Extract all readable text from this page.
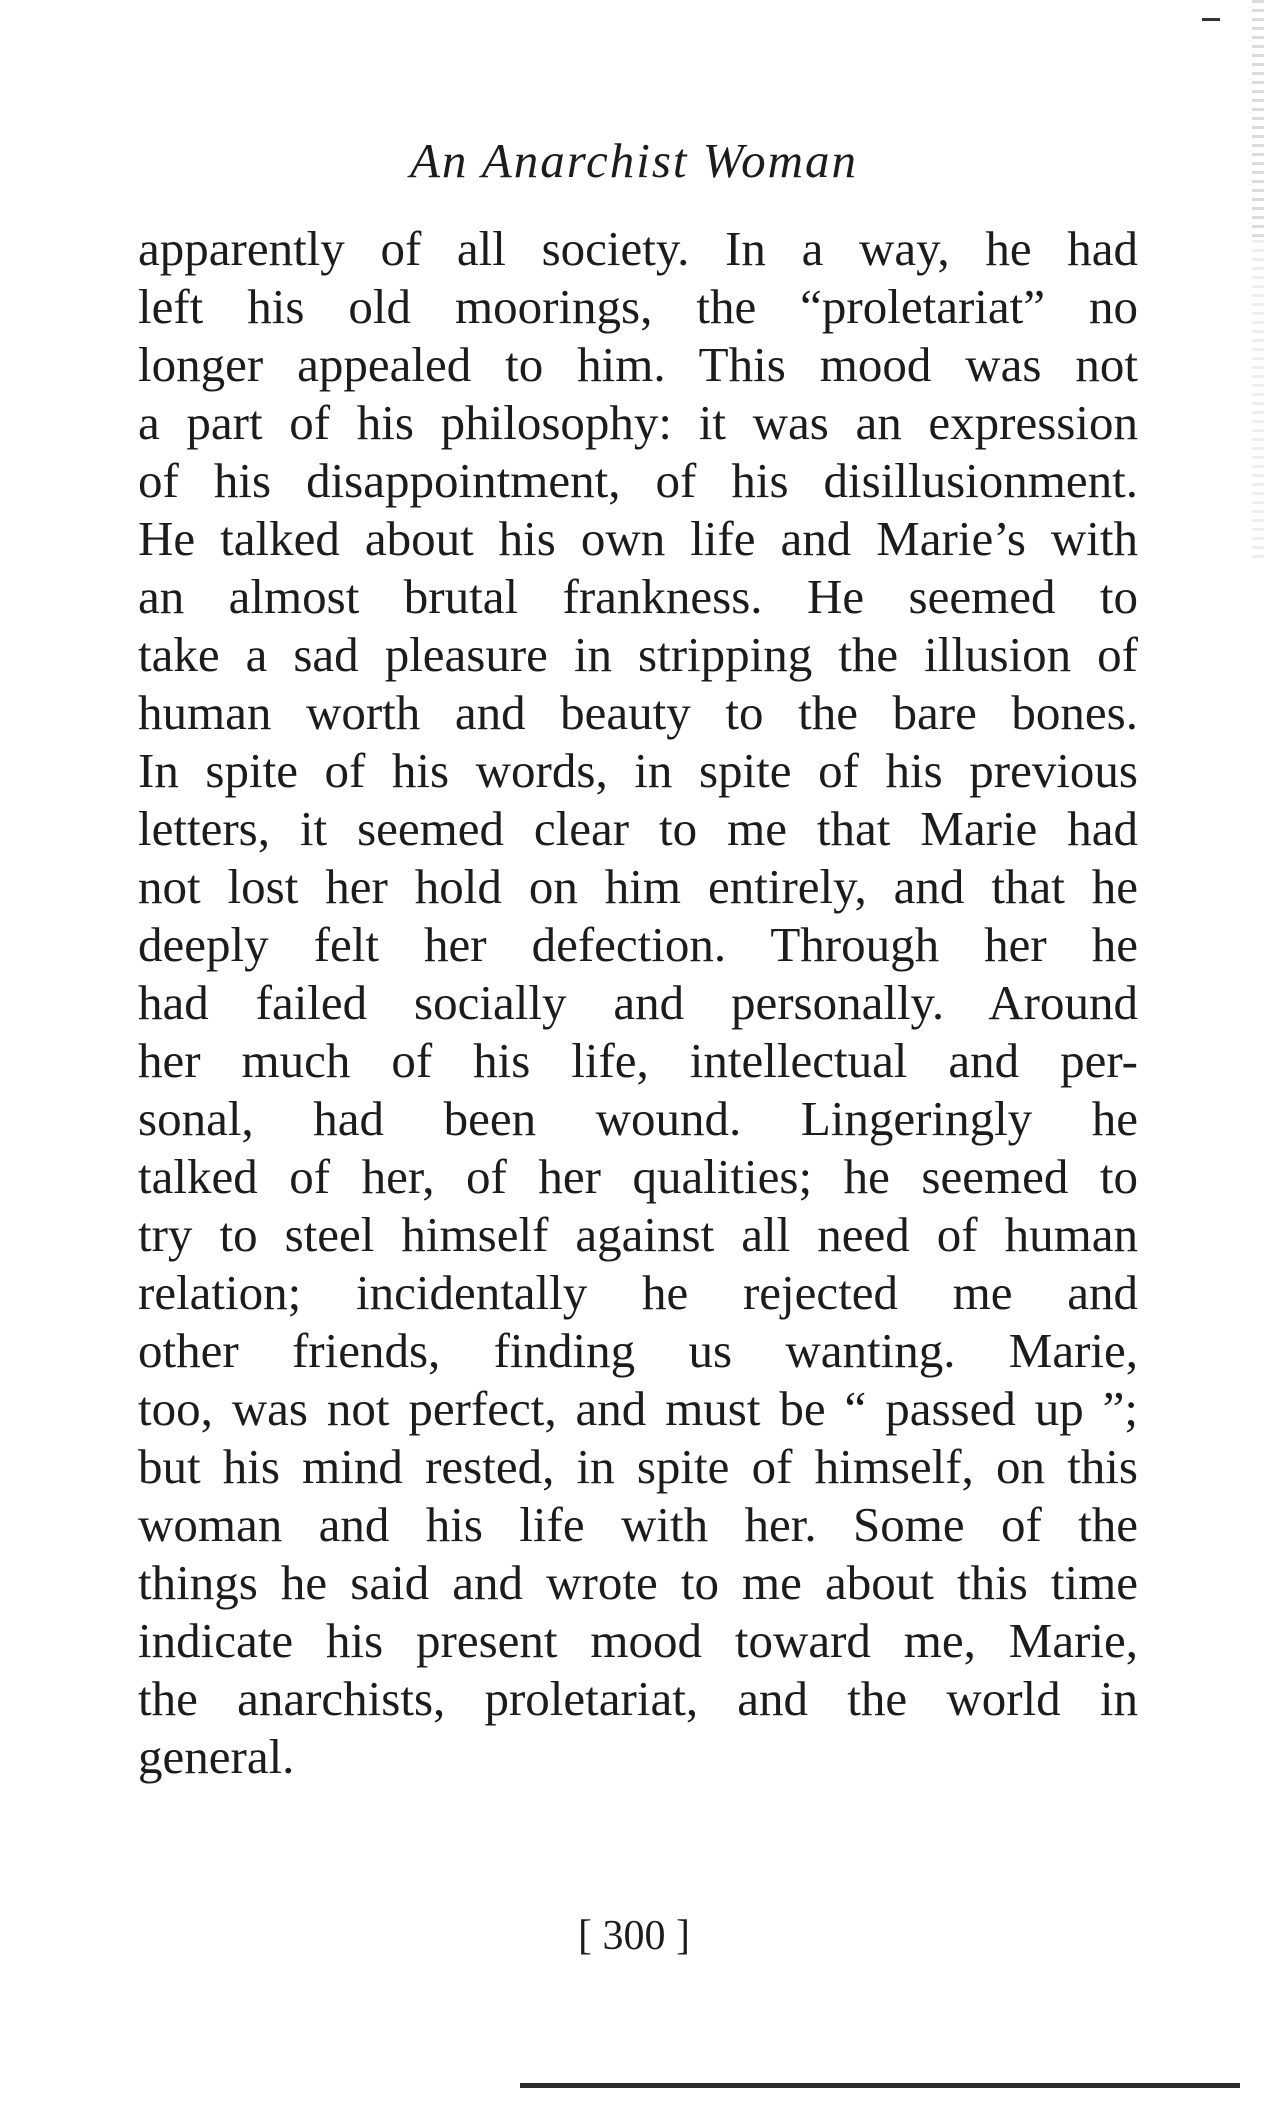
An Anarchist Woman
apparently of all society. In a way, he had
left his old moorings, the “proletariat” no
longer appealed to him. This mood was not
a part of his philosophy: it was an expression
of his disappointment, of his disillusionment.
He talked about his own life and Marie’s with
an almost brutal frankness. He seemed to
take a sad pleasure in stripping the illusion of
human worth and beauty to the bare bones.
In spite of his words, in spite of his previous
letters, it seemed clear to me that Marie had
not lost her hold on him entirely, and that he
deeply felt her defection. Through her he
had failed socially and personally. Around
her much of his life, intellectual and per-
sonal, had been wound. Lingeringly he
talked of her, of her qualities; he seemed to
try to steel himself against all need of human
relation; incidentally he rejected me and
other friends, finding us wanting. Marie,
too, was not perfect, and must be “ passed up ”;
but his mind rested, in spite of himself, on this
woman and his life with her. Some of the
things he said and wrote to me about this time
indicate his present mood toward me, Marie,
the anarchists, proletariat, and the world in
general.
[ 300 ]
